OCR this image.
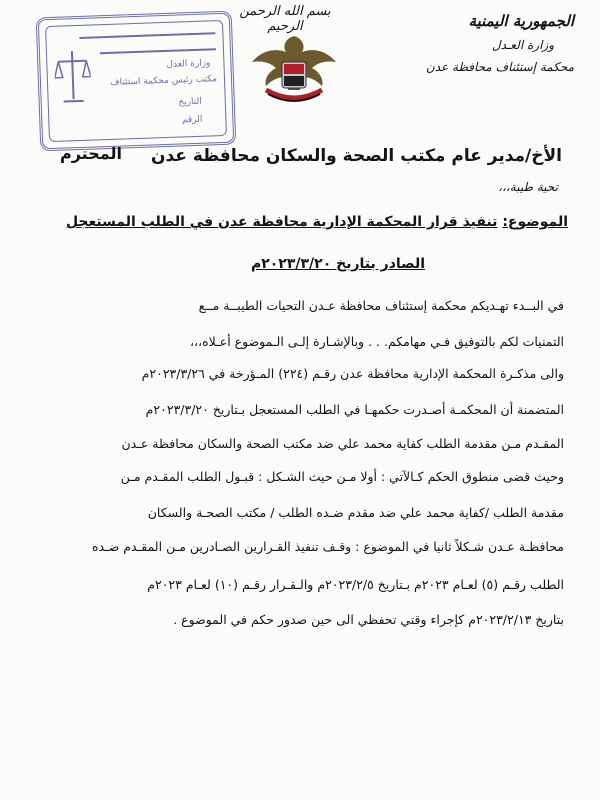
وزارة العدل
مكتب رئيس محكمة استئناف
التاريخ
الرقم
بسم الله الرحمن الرحيم	الجمهورية اليمنية
وزارة العـدل
محكمة إستئناف محافظة عدن
الأخ/مدير عام مكتب الصحة والسكان محافظة عدن
المحترم
تحية طيبة،،،
الموضوع: تنفيذ قرار المحكمة الإدارية محافظة عدن في الطلب المستعجل
الصادر بتاريخ ٢٠٢٣/٣/٢٠م
في البــدء تهـديكم محكمة إستئناف محافظة عـدن التحيات الطيبــة مــع
التمنيات لكم بالتوفيق فـي مهامكم. . . وبالإشـارة إلـى الـموضوع أعـلاه،،،
والى مذكـرة المحكمة الإدارية محافظة عدن رقـم (٢٢٤) المـؤرخة في ٢٠٢٣/٣/٢٦م
المتضمنة أن المحكمـة أصـدرت حكمهـا في الطلب المستعجل بـتاريخ ٢٠٢٣/٣/٢٠م
المقـدم مـن مقدمة الطلب كفاية محمد علي ضد مكتب الصحة والسكان محافظة عـدن
وحيث قضى منطوق الحكم كـالآتي : أولا مـن حيث الشـكل : قبـول الطلب المقـدم مـن
مقدمة الطلب /كفاية محمد علي ضد مقدم ضـده الطلب / مكتب الصحـة والسكان
محافظـة عـدن شـكلاً ثانيا في الموضوع : وقـف تنفيذ القـرارين الصـادرين مـن المقـدم ضـده
الطلب رقـم (٥) لعـام ٢٠٢٣م بـتاريخ ٢٠٢٣/٢/٥م والـقـرار رقـم (١٠) لعـام ٢٠٢٣م
بتاريخ ٢٠٢٣/٢/١٣م كإجراء وقتي تحفظي الى حين صدور حكم في الموضوع .
